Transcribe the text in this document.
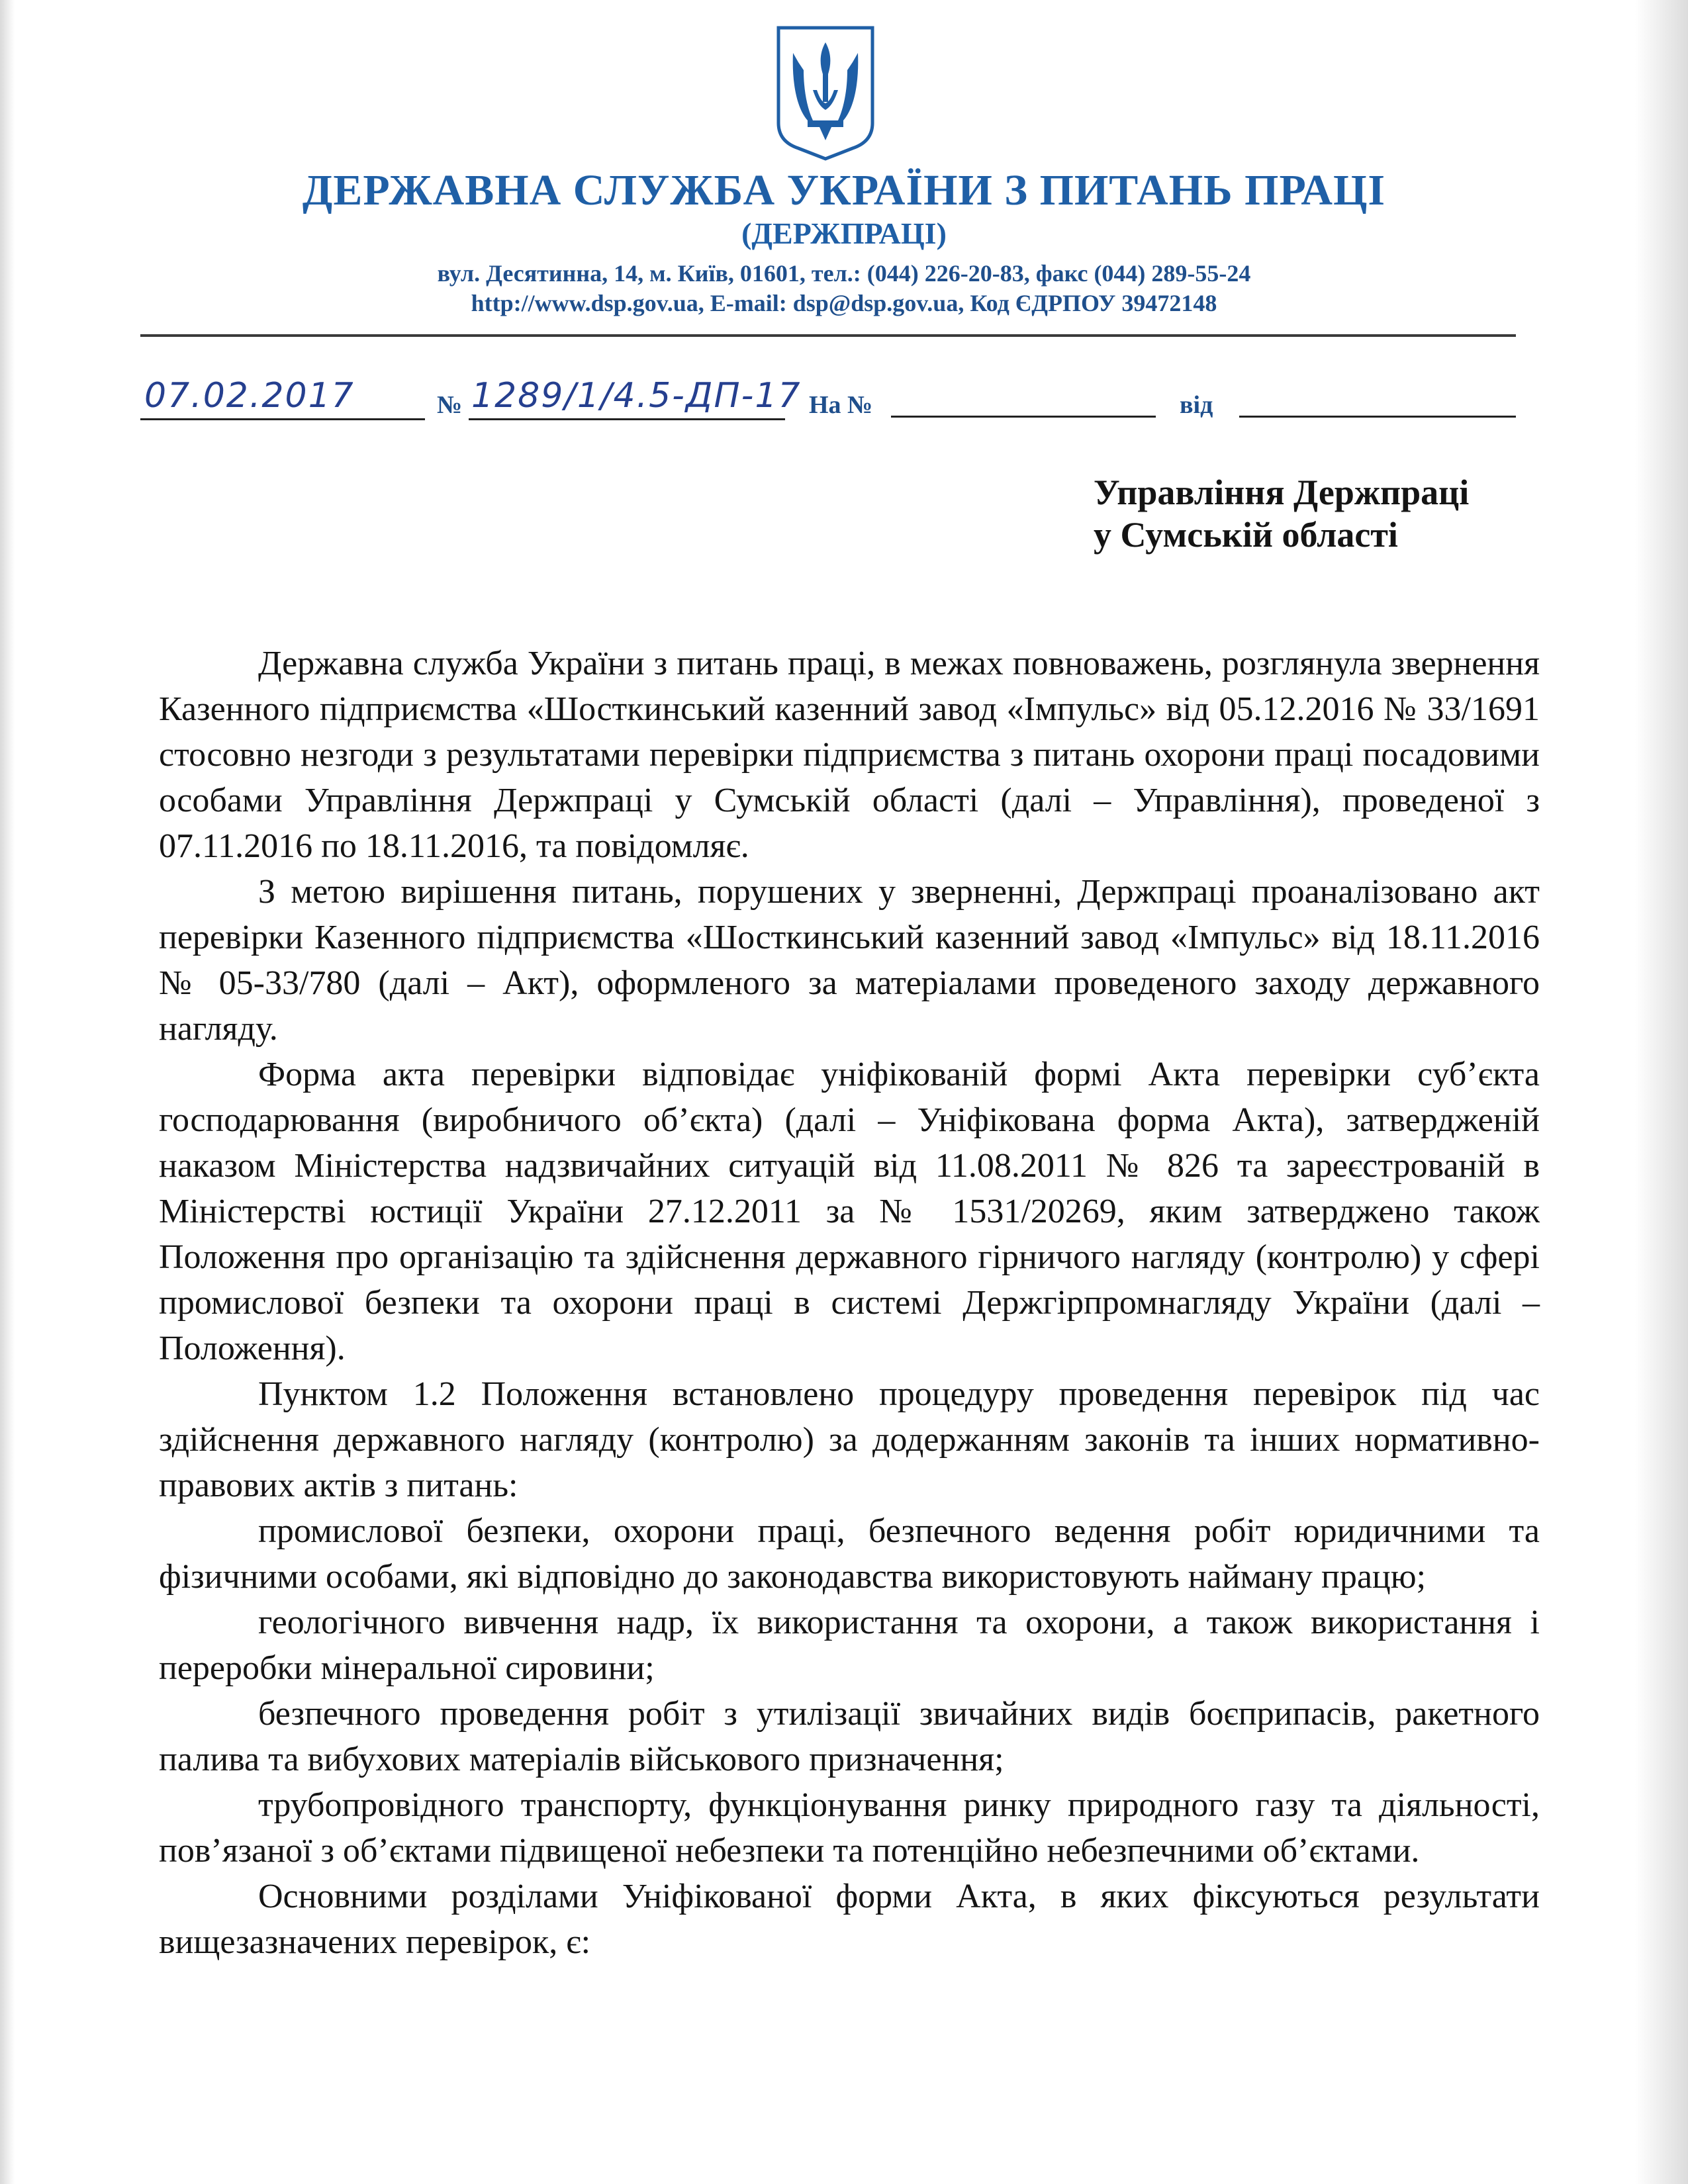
ДЕРЖАВНА СЛУЖБА УКРАЇНИ З ПИТАНЬ ПРАЦІ
(ДЕРЖПРАЦІ)
вул. Десятинна, 14, м. Київ, 01601, тел.: (044) 226-20-83, факс (044) 289-55-24
http://www.dsp.gov.ua, E-mail: dsp@dsp.gov.ua, Код ЄДРПОУ 39472148
07.02.2017	№ 1289/1/4.5-ДП-17 На №	від
Управління Держпраці
у Сумській області

Державна служба України з питань праці, в межах повноважень, розглянула звернення Казенного підприємства «Шосткинський казенний завод «Імпульс» від 05.12.2016 № 33/1691 стосовно незгоди з результатами перевірки підприємства з питань охорони праці посадовими особами Управління Держпраці у Сумській області (далі – Управління), проведеної з 07.11.2016 по 18.11.2016, та повідомляє.

З метою вирішення питань, порушених у зверненні, Держпраці проаналізовано акт перевірки Казенного підприємства «Шосткинський казенний завод «Імпульс» від 18.11.2016 № 05-33/780 (далі – Акт), оформленого за матеріалами проведеного заходу державного нагляду.

Форма акта перевірки відповідає уніфікованій формі Акта перевірки суб’єкта господарювання (виробничого об’єкта) (далі – Уніфікована форма Акта), затвердженій наказом Міністерства надзвичайних ситуацій від 11.08.2011 № 826 та зареєстрованій в Міністерстві юстиції України 27.12.2011 за № 1531/20269, яким затверджено також Положення про організацію та здійснення державного гірничого нагляду (контролю) у сфері промислової безпеки та охорони праці в системі Держгірпромнагляду України (далі – Положення).

Пунктом 1.2 Положення встановлено процедуру проведення перевірок під час здійснення державного нагляду (контролю) за додержанням законів та інших нормативно-правових актів з питань:

промислової безпеки, охорони праці, безпечного ведення робіт юридичними та фізичними особами, які відповідно до законодавства використовують найману працю;

геологічного вивчення надр, їх використання та охорони, а також використання і переробки мінеральної сировини;

безпечного проведення робіт з утилізації звичайних видів боєприпасів, ракетного палива та вибухових матеріалів військового призначення;

трубопровідного транспорту, функціонування ринку природного газу та діяльності, пов’язаної з об’єктами підвищеної небезпеки та потенційно небезпечними об’єктами.

Основними розділами Уніфікованої форми Акта, в яких фіксуються результати вищезазначених перевірок, є:
